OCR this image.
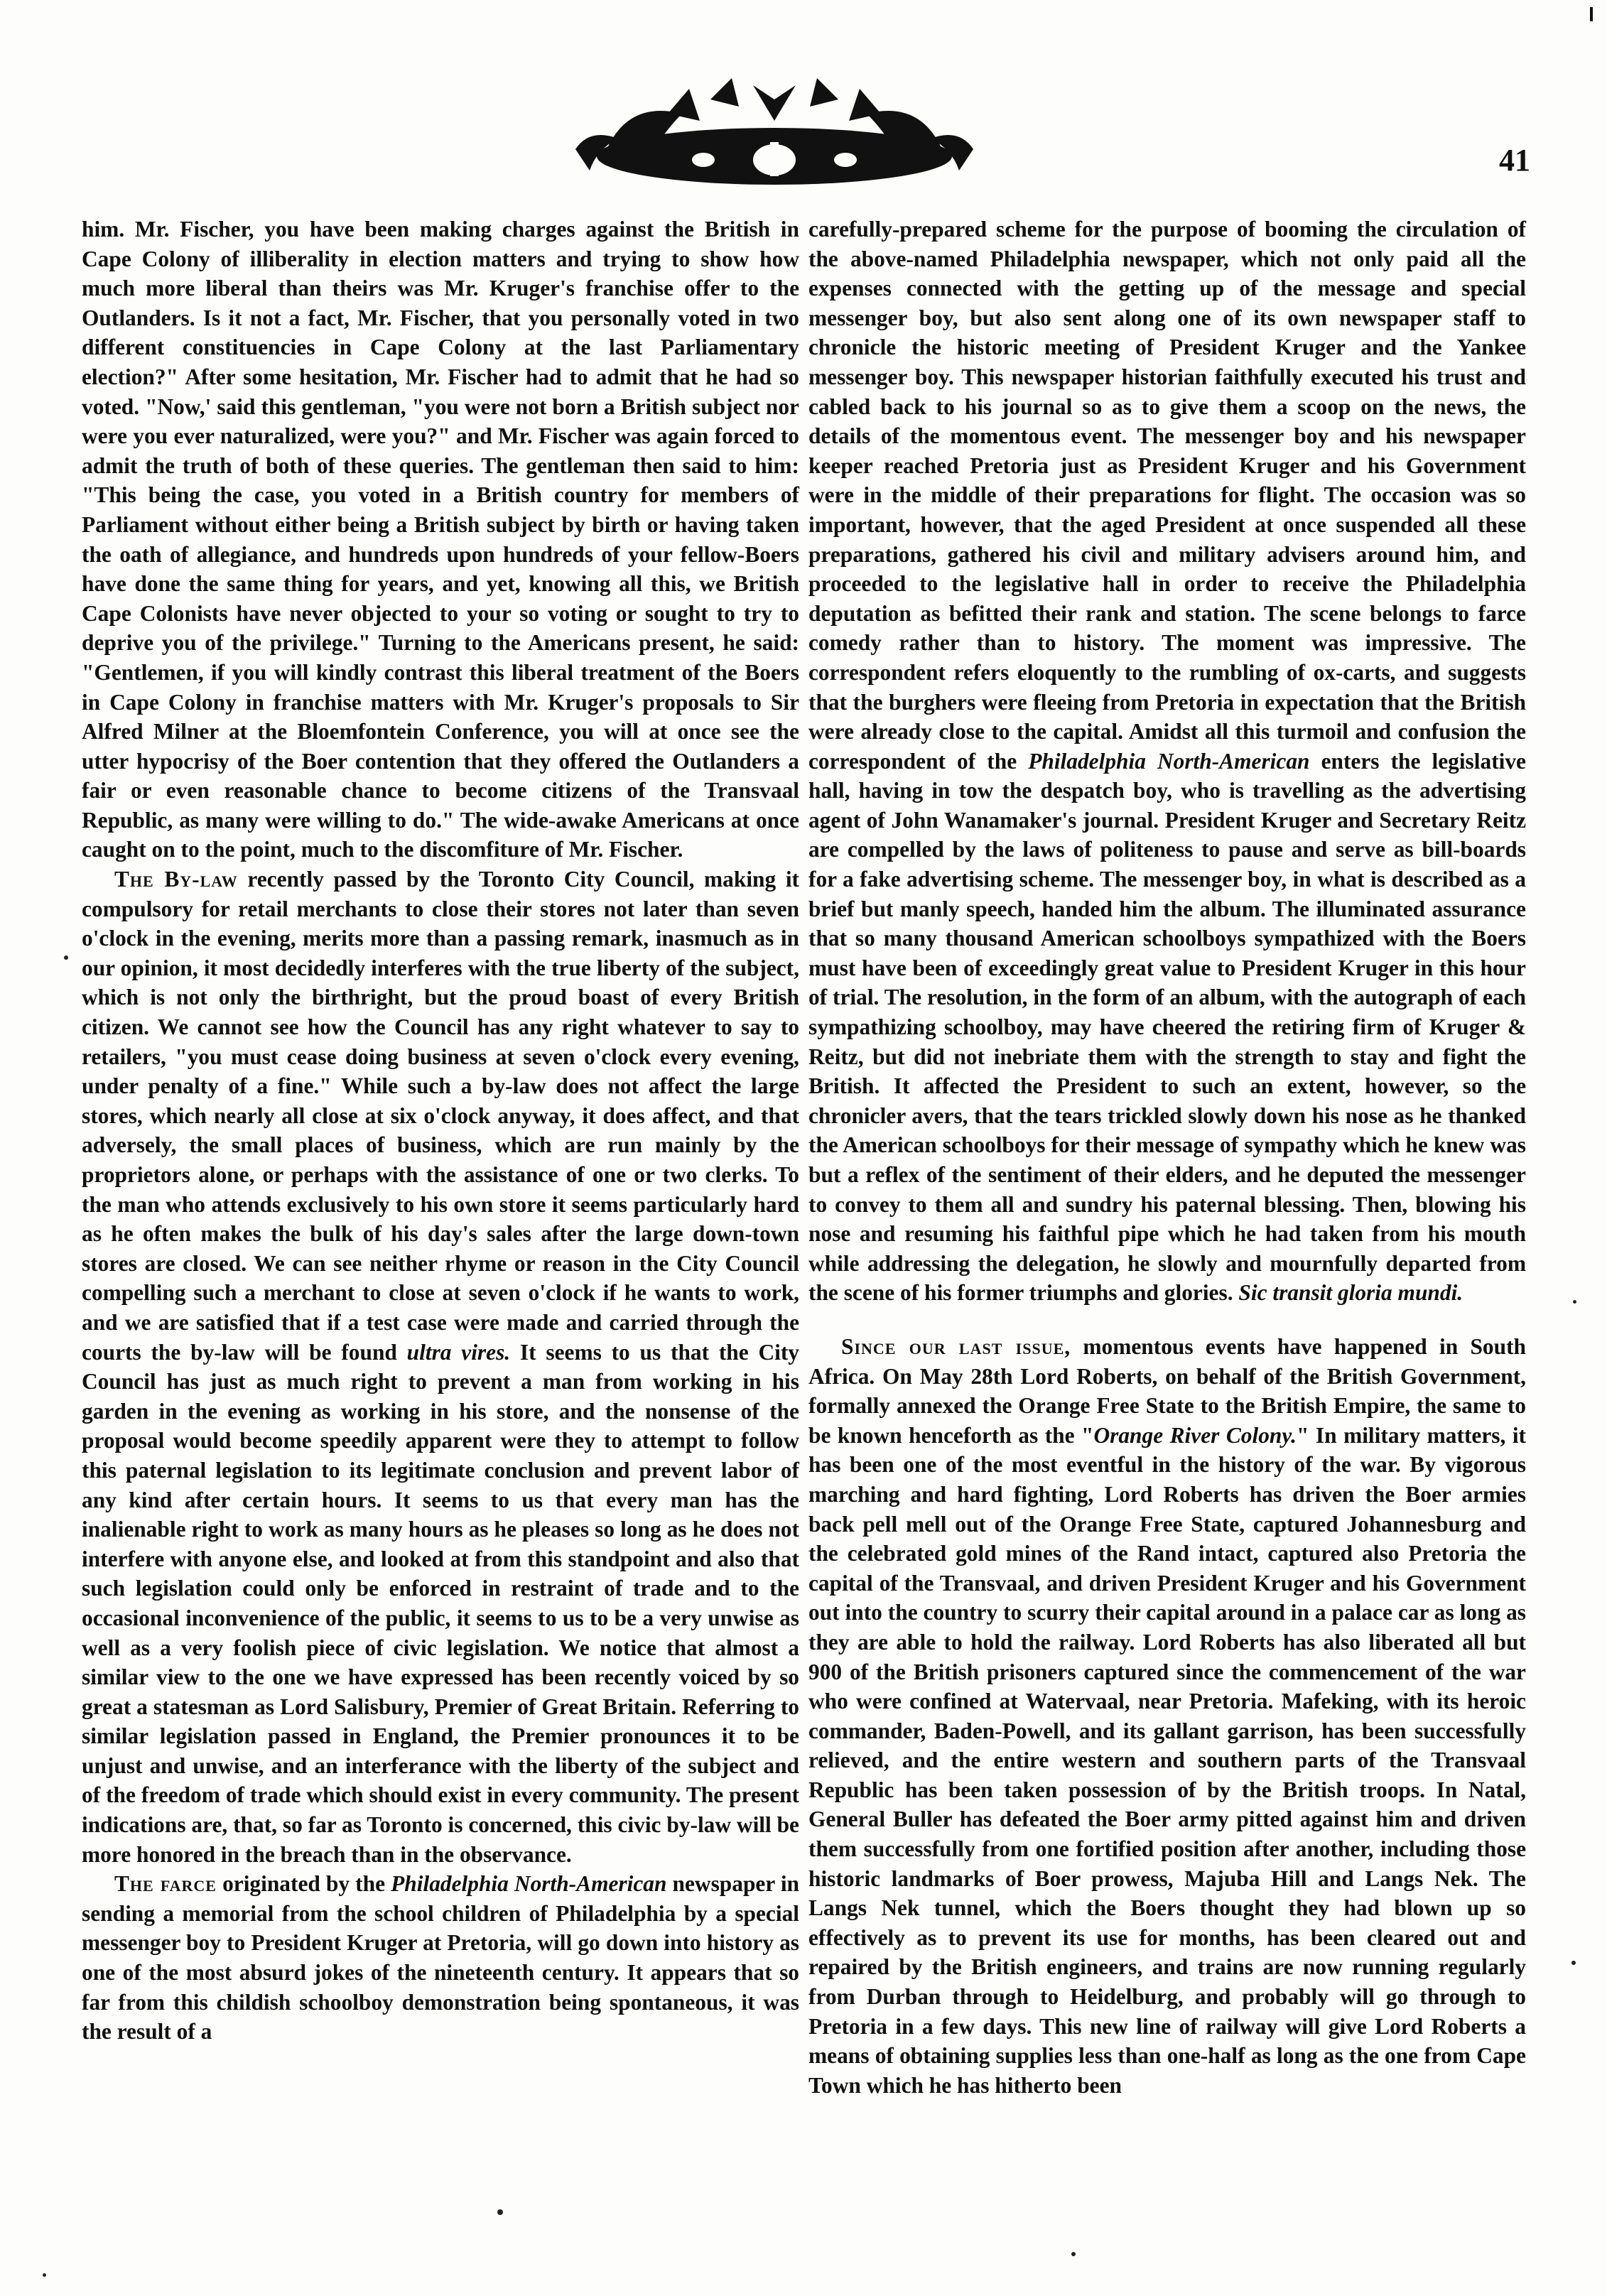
41

him. Mr. Fischer, you have been making charges against the British in Cape Colony of illiberality in election matters and trying to show how much more liberal than theirs was Mr. Kruger's franchise offer to the Outlanders. Is it not a fact, Mr. Fischer, that you personally voted in two different constituencies in Cape Colony at the last Parliamentary election?" After some hesitation, Mr. Fischer had to admit that he had so voted. "Now,' said this gentleman, "you were not born a British subject nor were you ever naturalized, were you?" and Mr. Fischer was again forced to admit the truth of both of these queries. The gentleman then said to him: "This being the case, you voted in a British country for members of Parliament without either being a British subject by birth or having taken the oath of allegiance, and hundreds upon hundreds of your fellow-Boers have done the same thing for years, and yet, knowing all this, we British Cape Colonists have never objected to your so voting or sought to try to deprive you of the privilege." Turning to the Americans present, he said: "Gentlemen, if you will kindly contrast this liberal treatment of the Boers in Cape Colony in franchise matters with Mr. Kruger's proposals to Sir Alfred Milner at the Bloemfontein Conference, you will at once see the utter hypocrisy of the Boer contention that they offered the Outlanders a fair or even reasonable chance to become citizens of the Transvaal Republic, as many were willing to do." The wide-awake Americans at once caught on to the point, much to the discomfiture of Mr. Fischer.

The By-law recently passed by the Toronto City Council, making it compulsory for retail merchants to close their stores not later than seven o'clock in the evening, merits more than a passing remark, inasmuch as in our opinion, it most decidedly interferes with the true liberty of the subject, which is not only the birthright, but the proud boast of every British citizen. We cannot see how the Council has any right whatever to say to retailers, "you must cease doing business at seven o'clock every evening, under penalty of a fine." While such a by-law does not affect the large stores, which nearly all close at six o'clock anyway, it does affect, and that adversely, the small places of business, which are run mainly by the proprietors alone, or perhaps with the assistance of one or two clerks. To the man who attends exclusively to his own store it seems particularly hard as he often makes the bulk of his day's sales after the large down-town stores are closed. We can see neither rhyme or reason in the City Council compelling such a merchant to close at seven o'clock if he wants to work, and we are satisfied that if a test case were made and carried through the courts the by-law will be found ultra vires. It seems to us that the City Council has just as much right to prevent a man from working in his garden in the evening as working in his store, and the nonsense of the proposal would become speedily apparent were they to attempt to follow this paternal legislation to its legitimate conclusion and prevent labor of any kind after certain hours. It seems to us that every man has the inalienable right to work as many hours as he pleases so long as he does not interfere with anyone else, and looked at from this standpoint and also that such legislation could only be enforced in restraint of trade and to the occasional inconvenience of the public, it seems to us to be a very unwise as well as a very foolish piece of civic legislation. We notice that almost a similar view to the one we have expressed has been recently voiced by so great a statesman as Lord Salisbury, Premier of Great Britain. Referring to similar legislation passed in England, the Premier pronounces it to be unjust and unwise, and an interferance with the liberty of the subject and of the freedom of trade which should exist in every community. The present indications are, that, so far as Toronto is concerned, this civic by-law will be more honored in the breach than in the observance.

The farce originated by the Philadelphia North-American newspaper in sending a memorial from the school children of Philadelphia by a special messenger boy to President Kruger at Pretoria, will go down into history as one of the most absurd jokes of the nineteenth century. It appears that so far from this childish schoolboy demonstration being spontaneous, it was the result of a

carefully-prepared scheme for the purpose of booming the circulation of the above-named Philadelphia newspaper, which not only paid all the expenses connected with the getting up of the message and special messenger boy, but also sent along one of its own newspaper staff to chronicle the historic meeting of President Kruger and the Yankee messenger boy. This newspaper historian faithfully executed his trust and cabled back to his journal so as to give them a scoop on the news, the details of the momentous event. The messenger boy and his newspaper keeper reached Pretoria just as President Kruger and his Government were in the middle of their preparations for flight. The occasion was so important, however, that the aged President at once suspended all these preparations, gathered his civil and military advisers around him, and proceeded to the legislative hall in order to receive the Philadelphia deputation as befitted their rank and station. The scene belongs to farce comedy rather than to history. The moment was impressive. The correspondent refers eloquently to the rumbling of ox-carts, and suggests that the burghers were fleeing from Pretoria in expectation that the British were already close to the capital. Amidst all this turmoil and confusion the correspondent of the Philadelphia North-American enters the legislative hall, having in tow the despatch boy, who is travelling as the advertising agent of John Wanamaker's journal. President Kruger and Secretary Reitz are compelled by the laws of politeness to pause and serve as bill-boards for a fake advertising scheme. The messenger boy, in what is described as a brief but manly speech, handed him the album. The illuminated assurance that so many thousand American schoolboys sympathized with the Boers must have been of exceedingly great value to President Kruger in this hour of trial. The resolution, in the form of an album, with the autograph of each sympathizing schoolboy, may have cheered the retiring firm of Kruger & Reitz, but did not inebriate them with the strength to stay and fight the British. It affected the President to such an extent, however, so the chronicler avers, that the tears trickled slowly down his nose as he thanked the American schoolboys for their message of sympathy which he knew was but a reflex of the sentiment of their elders, and he deputed the messenger to convey to them all and sundry his paternal blessing. Then, blowing his nose and resuming his faithful pipe which he had taken from his mouth while addressing the delegation, he slowly and mournfully departed from the scene of his former triumphs and glories. Sic transit gloria mundi.

Since our last issue, momentous events have happened in South Africa. On May 28th Lord Roberts, on behalf of the British Government, formally annexed the Orange Free State to the British Empire, the same to be known henceforth as the "Orange River Colony." In military matters, it has been one of the most eventful in the history of the war. By vigorous marching and hard fighting, Lord Roberts has driven the Boer armies back pell mell out of the Orange Free State, captured Johannesburg and the celebrated gold mines of the Rand intact, captured also Pretoria the capital of the Transvaal, and driven President Kruger and his Government out into the country to scurry their capital around in a palace car as long as they are able to hold the railway. Lord Roberts has also liberated all but 900 of the British prisoners captured since the commencement of the war who were confined at Watervaal, near Pretoria. Mafeking, with its heroic commander, Baden-Powell, and its gallant garrison, has been successfully relieved, and the entire western and southern parts of the Transvaal Republic has been taken possession of by the British troops. In Natal, General Buller has defeated the Boer army pitted against him and driven them successfully from one fortified position after another, including those historic landmarks of Boer prowess, Majuba Hill and Langs Nek. The Langs Nek tunnel, which the Boers thought they had blown up so effectively as to prevent its use for months, has been cleared out and repaired by the British engineers, and trains are now running regularly from Durban through to Heidelburg, and probably will go through to Pretoria in a few days. This new line of railway will give Lord Roberts a means of obtaining supplies less than one-half as long as the one from Cape Town which he has hitherto been
